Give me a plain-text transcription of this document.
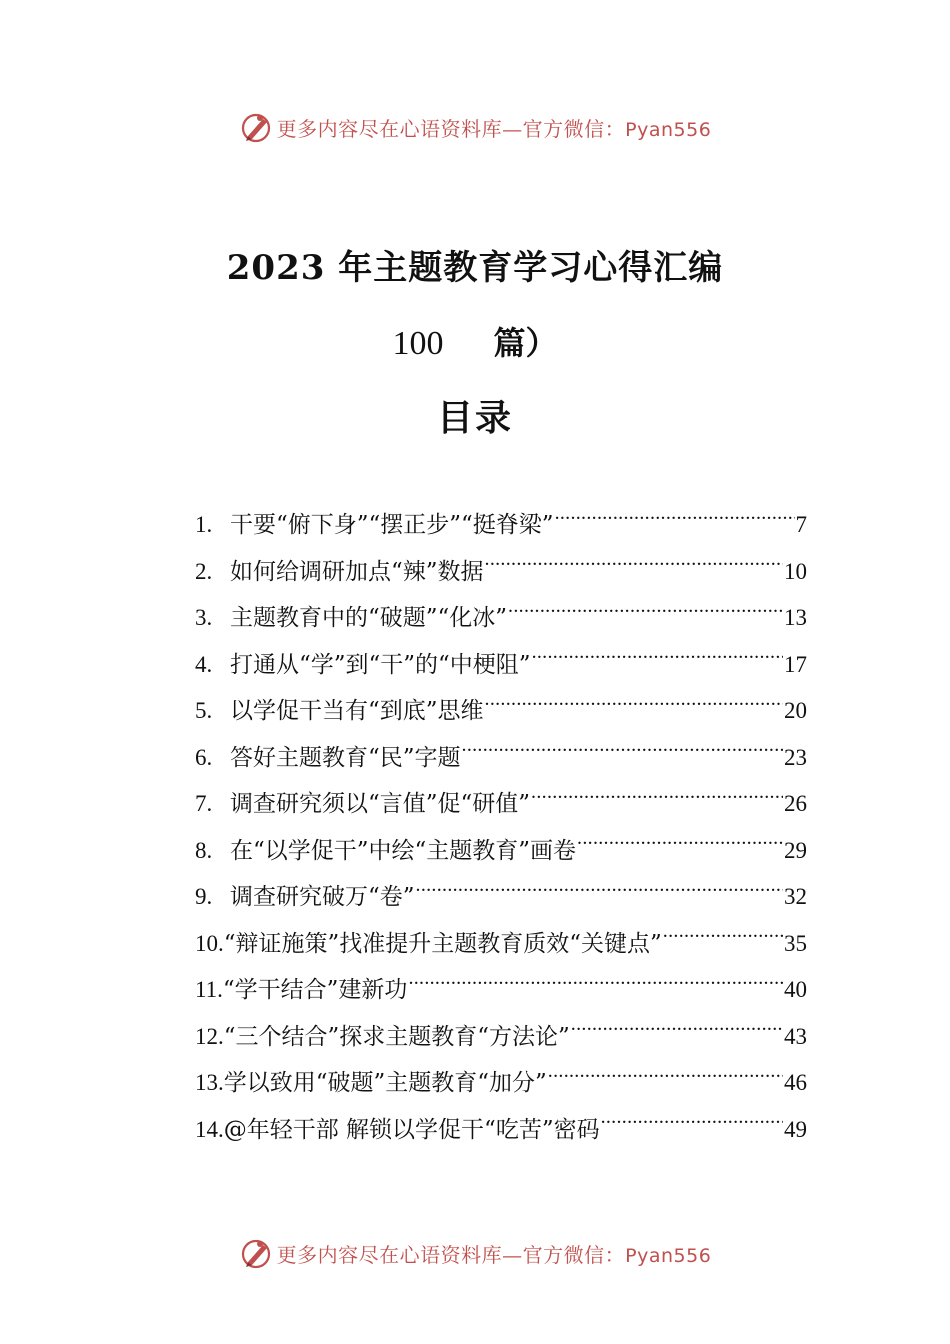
更多内容尽在心语资料库—官方微信：Pyan556
2023 年主题教育学习心得汇编
100 篇）
目录
1. 干要“俯下身”“摆正步”“挺脊梁” .....	7
2. 如何给调研加点“辣”数据 .....	10
3. 主题教育中的“破题”“化冰” .....	13
4. 打通从“学”到“干”的“中梗阻” .....	17
5. 以学促干当有“到底”思维 .....	20
6. 答好主题教育“民”字题 .....	23
7. 调查研究须以“言值”促“研值” .....	26
8. 在“以学促干”中绘“主题教育”画卷 .....	29
9. 调查研究破万“卷” .....	32
10. “辩证施策”找准提升主题教育质效“关键点” .....	35
11. “学干结合”建新功 .....	40
12. “三个结合”探求主题教育“方法论” .....	43
13. 学以致用“破题”主题教育“加分” .....	46
14. @年轻干部 解锁以学促干“吃苦”密码 .....	49
更多内容尽在心语资料库—官方微信：Pyan556
